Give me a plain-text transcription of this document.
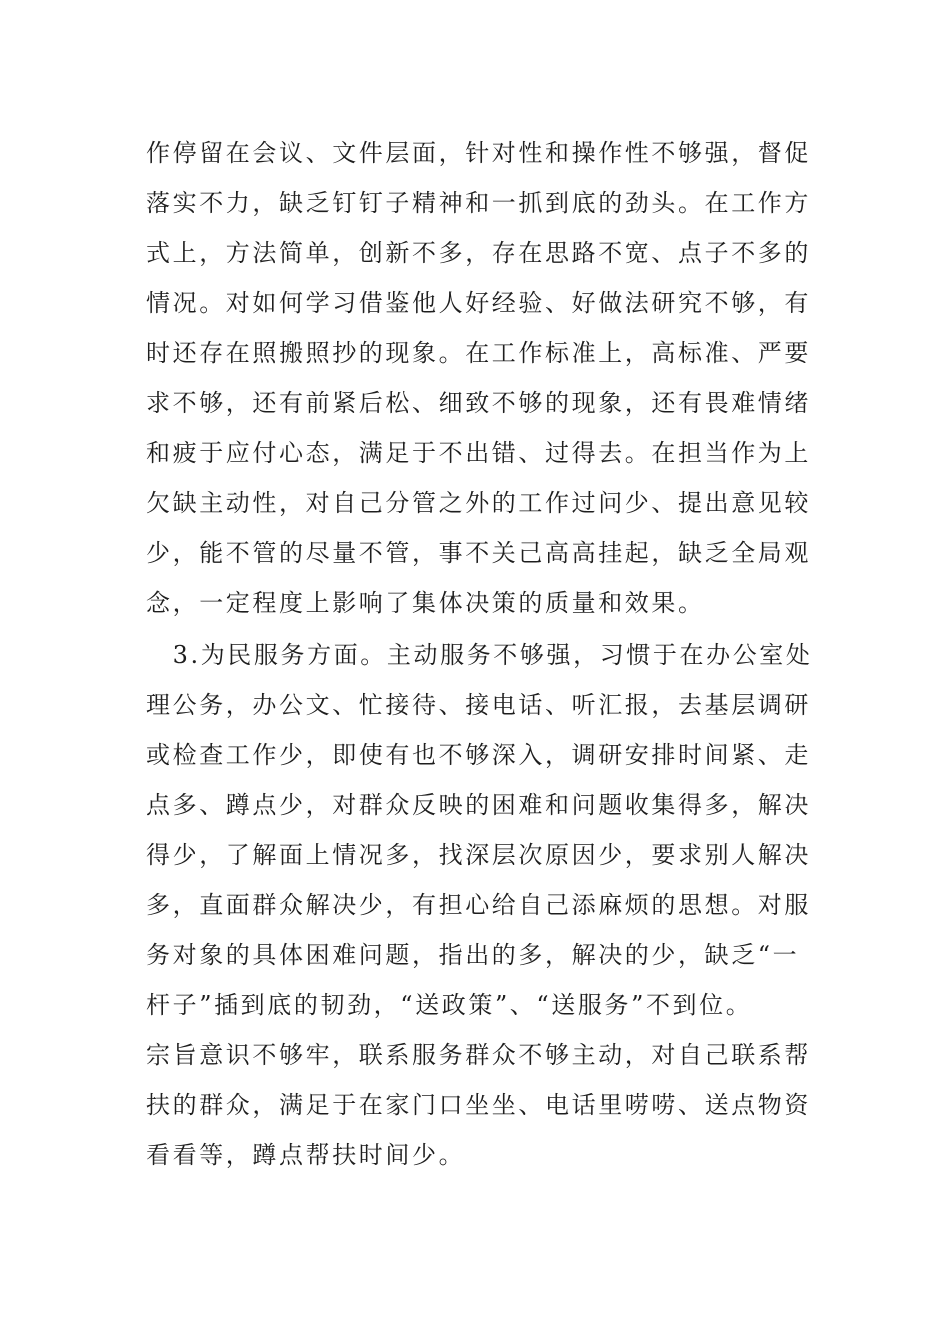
作停留在会议、文件层面，针对性和操作性不够强，督促
落实不力，缺乏钉钉子精神和一抓到底的劲头。在工作方
式上，方法简单，创新不多，存在思路不宽、点子不多的
情况。对如何学习借鉴他人好经验、好做法研究不够，有
时还存在照搬照抄的现象。在工作标准上，高标准、严要
求不够，还有前紧后松、细致不够的现象，还有畏难情绪
和疲于应付心态，满足于不出错、过得去。在担当作为上
欠缺主动性，对自己分管之外的工作过问少、提出意见较
少，能不管的尽量不管，事不关己高高挂起，缺乏全局观
念，一定程度上影响了集体决策的质量和效果。
　3.为民服务方面。主动服务不够强，习惯于在办公室处
理公务，办公文、忙接待、接电话、听汇报，去基层调研
或检查工作少，即使有也不够深入，调研安排时间紧、走
点多、蹲点少，对群众反映的困难和问题收集得多，解决
得少，了解面上情况多，找深层次原因少，要求别人解决
多，直面群众解决少，有担心给自己添麻烦的思想。对服
务对象的具体困难问题，指出的多，解决的少，缺乏“一
杆子”插到底的韧劲，“送政策”、“送服务”不到位。
宗旨意识不够牢，联系服务群众不够主动，对自己联系帮
扶的群众，满足于在家门口坐坐、电话里唠唠、送点物资
看看等，蹲点帮扶时间少。
